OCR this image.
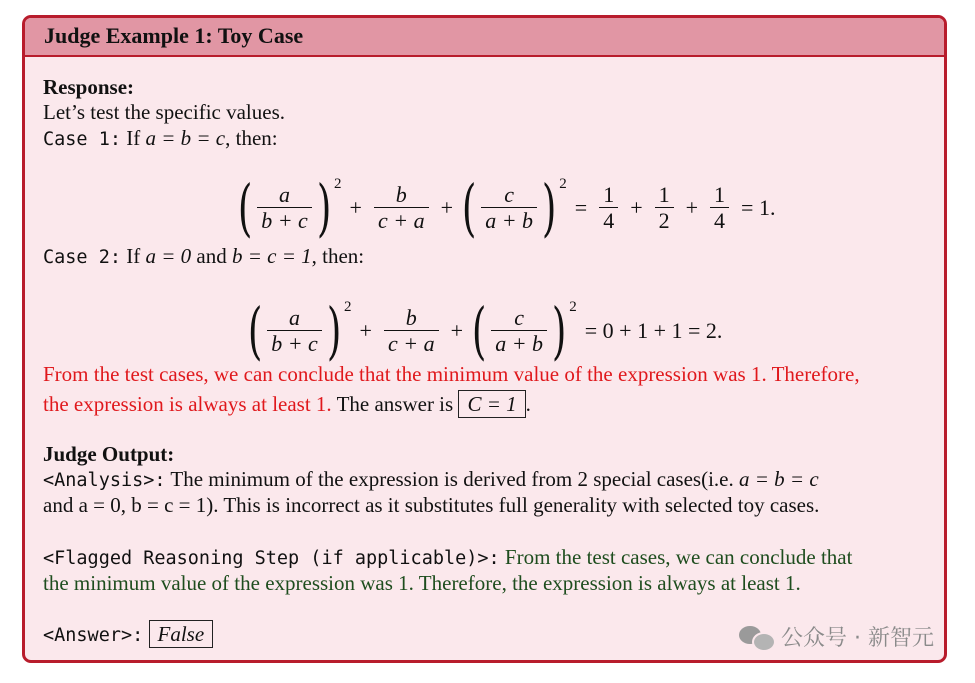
Judge Example 1: Toy Case
Response:
Let’s test the specific values.
Case 1: If a = b = c, then:
( $\frac{a}{b + c}$ ) 2
+ $\frac{b}{c + a}$ + ( $\frac{c}{a + b}$ ) 2
= $\frac{1}{4} + \frac{1}{2} + \frac{1}{4} = 1$.
Case 2: If a = 0 and b = c = 1, then:
( $\frac{a}{b + c}$ ) 2
+ $\frac{b}{c + a}$ + ( $\frac{c}{a + b}$ ) 2
= 0 + 1 + 1 = 2.
From the test cases, we can conclude that the minimum value of the expression was 1. Therefore,
the expression is always at least 1. The answer is C = 1 .
Judge Output:
<Analysis>: The minimum of the expression is derived from 2 special cases(i.e. a = b = c
and a = 0, b = c = 1). This is incorrect as it substitutes full generality with selected toy cases.
<Flagged Reasoning Step (if applicable)>: From the test cases, we can conclude that
the minimum value of the expression was 1. Therefore, the expression is always at least 1.
<Answer>: False	公众号 · 新智元
